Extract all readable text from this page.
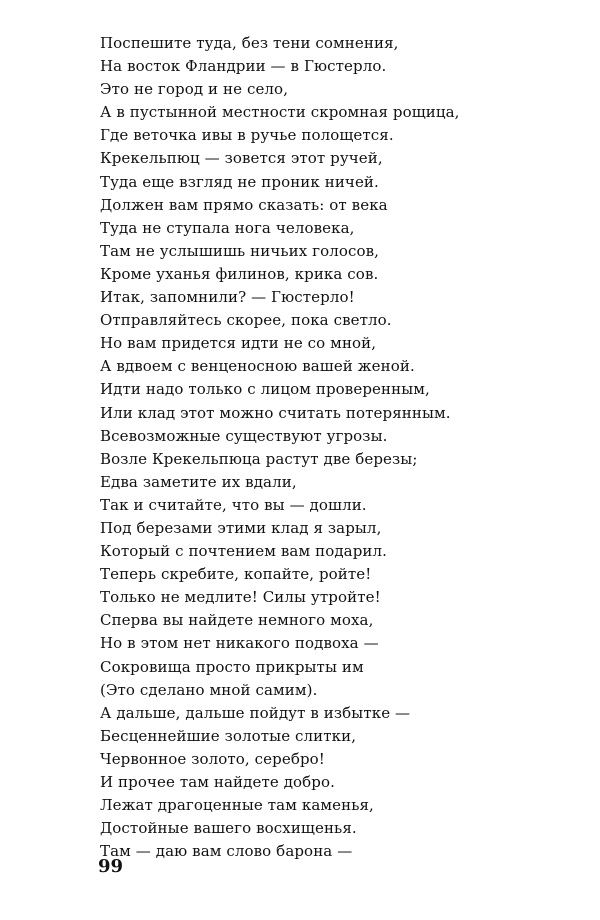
Поспешите туда, без тени сомнения,
На восток Фландрии — в Гюстерло.
Это не город и не село,
А в пустынной местности скромная рощица,
Где веточка ивы в ручье полощется.
Крекельпюц — зовется этот ручей,
Туда еще взгляд не проник ничей.
Должен вам прямо сказать: от века
Туда не ступала нога человека,
Там не услышишь ничьих голосов,
Кроме уханья филинов, крика сов.
Итак, запомнили? — Гюстерло!
Отправляйтесь скорее, пока светло.
Но вам придется идти не со мной,
А вдвоем с венценосною вашей женой.
Идти надо только с лицом проверенным,
Или клад этот можно считать потерянным.
Всевозможные существуют угрозы.
Возле Крекельпюца растут две березы;
Едва заметите их вдали,
Так и считайте, что вы — дошли.
Под березами этими клад я зарыл,
Который с почтением вам подарил.
Теперь скребите, копайте, ройте!
Только не медлите! Силы утройте!
Сперва вы найдете немного моха,
Но в этом нет никакого подвоха —
Сокровища просто прикрыты им
(Это сделано мной самим).
А дальше, дальше пойдут в избытке —
Бесценнейшие золотые слитки,
Червонное золото, серебро!
И прочее там найдете добро.
Лежат драгоценные там каменья,
Достойные вашего восхищенья.
Там — даю вам слово барона —
99
